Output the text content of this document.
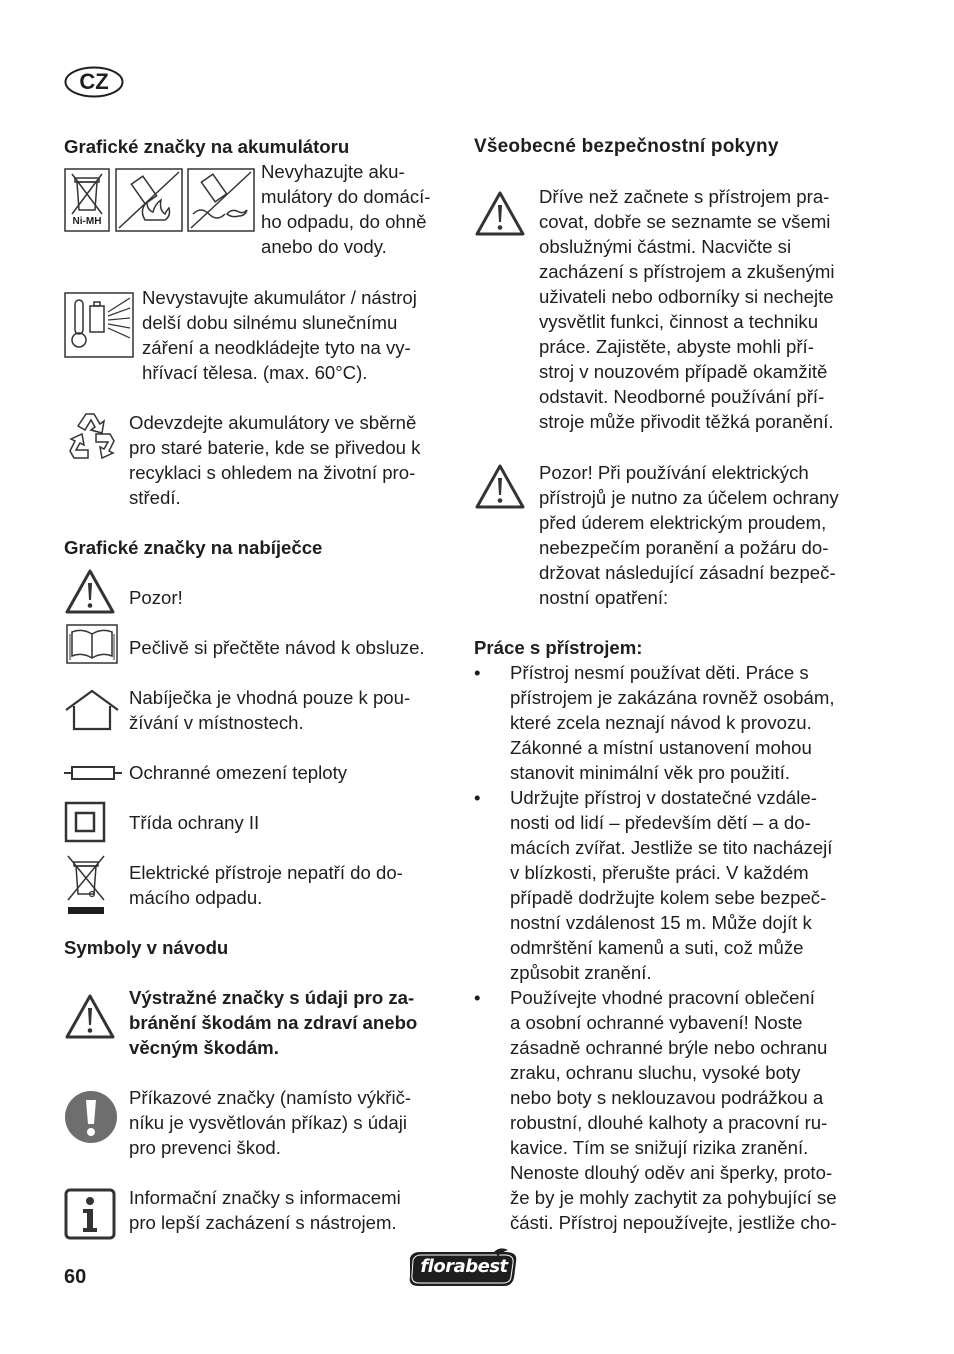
CZ
Grafické značky na akumulátoru
Ni-MH

Nevyhazujte aku-

mulátory do domácí-

ho odpadu, do ohně

anebo do vody.

Nevystavujte akumulátor / nástroj

delší dobu silnému slunečnímu

záření a neodkládejte tyto na vy-

hřívací tělesa. (max. 60°C).

Odevzdejte akumulátory ve sběrně

pro staré baterie, kde se přivedou k

recyklaci s ohledem na životní pro-

středí.

Grafické značky na nabíječce
Pozor!
Pečlivě si přečtěte návod k obsluze.

Nabíječka je vhodná pouze k pou-

žívání v místnostech.

Ochranné omezení teploty
Třída ochrany II

Elektrické přístroje nepatří do do-

mácího odpadu.

Symboly v návodu

Výstražné značky s údaji pro za-

bránění škodám na zdraví anebo

věcným škodám.

Příkazové značky (namísto výkřič-

níku je vysvětlován příkaz) s údaji

pro prevenci škod.

Informační značky s informacemi

pro lepší zacházení s nástrojem.

Všeobecné bezpečnostní pokyny

Dříve než začnete s přístrojem pra-

covat, dobře se seznamte se všemi

obslužnými částmi. Nacvičte si

zacházení s přístrojem a zkušenými

uživateli nebo odborníky si nechejte

vysvětlit funkci, činnost a techniku

práce. Zajistěte, abyste mohli pří-

stroj v nouzovém případě okamžitě

odstavit. Neodborné používání pří-

stroje může přivodit těžká poranění.

Pozor! Při používání elektrických

přístrojů je nutno za účelem ochrany

před úderem elektrickým proudem,

nebezpečím poranění a požáru do-

držovat následující zásadní bezpeč-

nostní opatření:

Práce s přístrojem:
• Přístroj nesmí používat děti. Práce s

přístrojem je zakázána rovněž osobám,

které zcela neznají návod k provozu.

Zákonné a místní ustanovení mohou

stanovit minimální věk pro použití.

• Udržujte přístroj v dostatečné vzdále-

nosti od lidí – především dětí – a do-

mácích zvířat. Jestliže se tito nacházejí

v blízkosti, přerušte práci. V každém

případě dodržujte kolem sebe bezpeč-

nostní vzdálenost 15 m. Může dojít k

odmrštění kamenů a suti, což může

způsobit zranění.

• Používejte vhodné pracovní oblečení

a osobní ochranné vybavení! Noste

zásadně ochranné brýle nebo ochranu

zraku, ochranu sluchu, vysoké boty

nebo boty s neklouzavou podrážkou a

robustní, dlouhé kalhoty a pracovní ru-

kavice. Tím se snižují rizika zranění.

Nenoste dlouhý oděv ani šperky, proto-

že by je mohly zachytit za pohybující se

části. Přístroj nepoužívejte, jestliže cho-

60	florabest
